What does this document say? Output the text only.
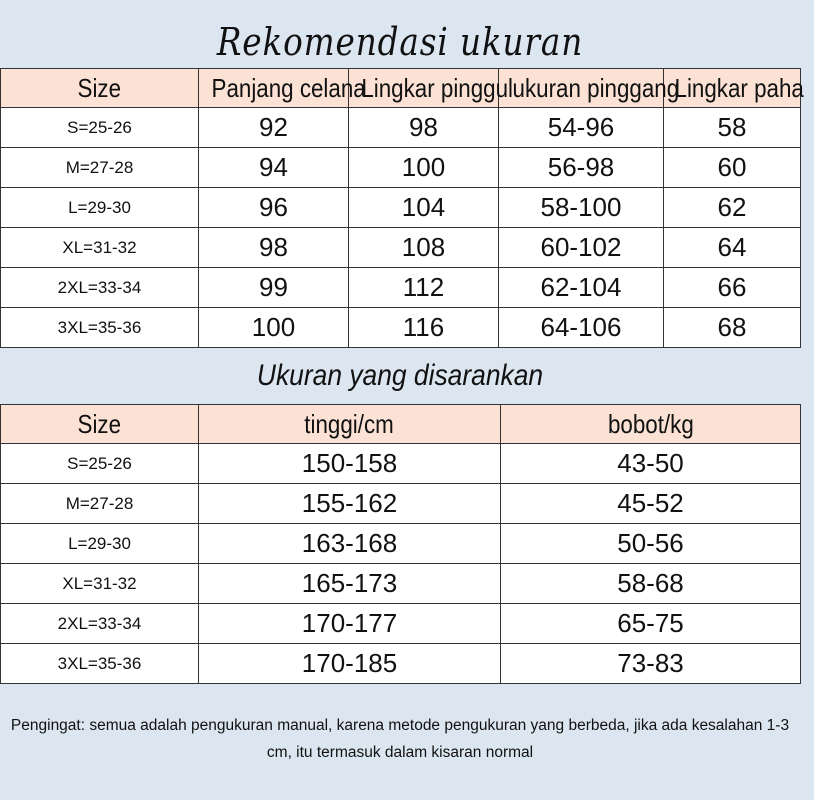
Rekomendasi ukuran
Size	Panjang celana	Lingkar pinggul	ukuran pinggang	Lingkar paha
S=25-26	92	98	54-96	58
M=27-28	94	100	56-98	60
L=29-30	96	104	58-100	62
XL=31-32	98	108	60-102	64
2XL=33-34	99	112	62-104	66
3XL=35-36	100	116	64-106	68
Ukuran yang disarankan
Size	tinggi/cm	bobot/kg
S=25-26	150-158	43-50
M=27-28	155-162	45-52
L=29-30	163-168	50-56
XL=31-32	165-173	58-68
2XL=33-34	170-177	65-75
3XL=35-36	170-185	73-83
Pengingat: semua adalah pengukuran manual, karena metode pengukuran yang berbeda, jika ada kesalahan 1-3 cm, itu termasuk dalam kisaran normal
